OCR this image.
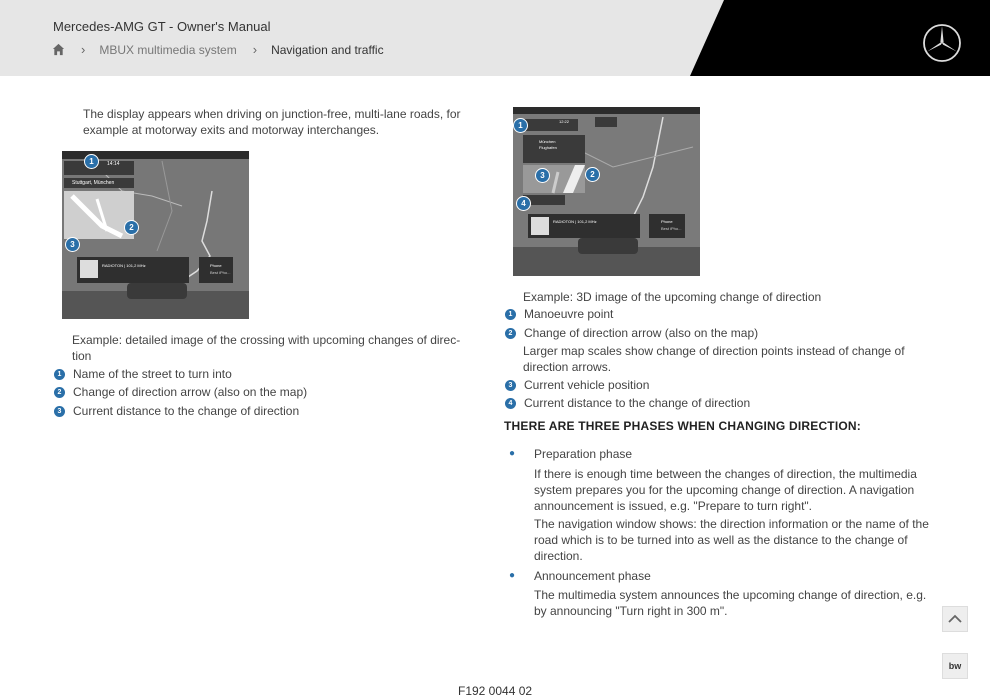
Mercedes-AMG GT - Owner's Manual
› MBUX multimedia system › Navigation and traffic
The display appears when driving on junction-free, multi-lane roads, for example at motorway exits and motorway interchanges.
14:14
Stuttgart, München
RADIOTON | 101,2 MHz	Phone
Best iPho...
1
2
3
Example: detailed image of the crossing with upcoming changes of direction
1 Name of the street to turn into
2 Change of direction arrow (also on the map)
3 Current distance to the change of direction
12:22
München
Flughafen
RADIOTON | 101,2 MHz	Phone
Best iPho...
1
2
3
4
Example: 3D image of the upcoming change of direction
1 Manoeuvre point
2 Change of direction arrow (also on the map)
Larger map scales show change of direction points instead of change of direction arrows.
3 Current vehicle position
4 Current distance to the change of direction
THERE ARE THREE PHASES WHEN CHANGING DIRECTION:
● Preparation phase
If there is enough time between the changes of direction, the multimedia system prepares you for the upcoming change of direction. A navigation announcement is issued, e.g. "Prepare to turn right".
The navigation window shows: the direction information or the name of the road which is to be turned into as well as the distance to the change of direction.
● Announcement phase
The multimedia system announces the upcoming change of direction, e.g. by announcing "Turn right in 300 m".
bw
F192 0044 02
